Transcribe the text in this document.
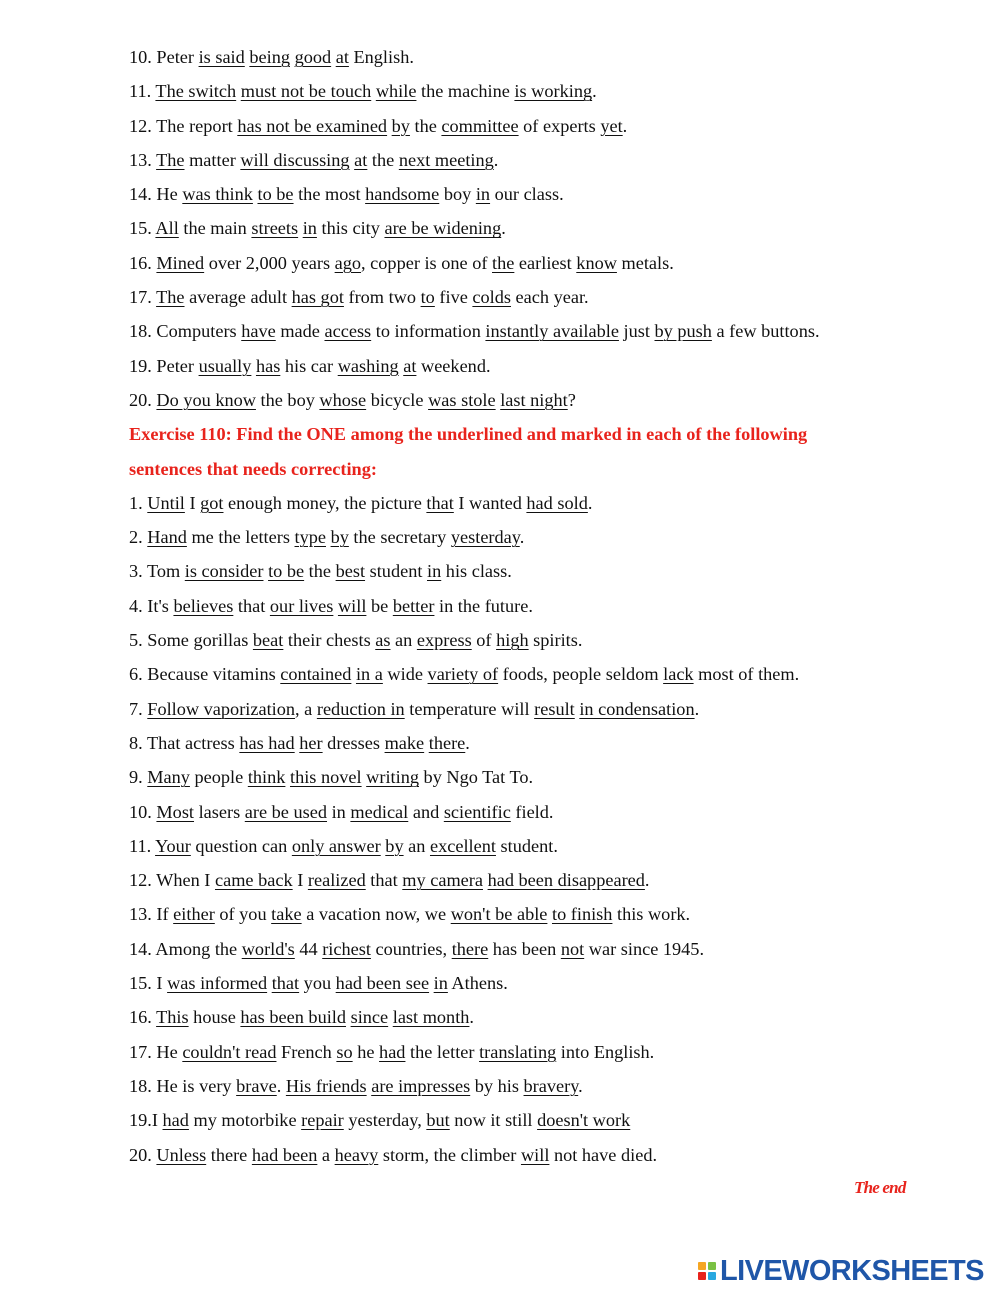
10. Peter is said being good at English.
11. The switch must not be touch while the machine is working.
12. The report has not be examined by the committee of experts yet.
13. The matter will discussing at the next meeting.
14. He was think to be the most handsome boy in our class.
15. All the main streets in this city are be widening.
16. Mined over 2,000 years ago, copper is one of the earliest know metals.
17. The average adult has got from two to five colds each year.
18. Computers have made access to information instantly available just by push a few buttons.
19. Peter usually has his car washing at weekend.
20. Do you know the boy whose bicycle was stole last night?
Exercise 110: Find the ONE among the underlined and marked in each of the following
sentences that needs correcting:
1. Until I got enough money, the picture that I wanted had sold.
2. Hand me the letters type by the secretary yesterday.
3. Tom is consider to be the best student in his class.
4. It's believes that our lives will be better in the future.
5. Some gorillas beat their chests as an express of high spirits.
6. Because vitamins contained in a wide variety of foods, people seldom lack most of them.
7. Follow vaporization, a reduction in temperature will result in condensation.
8. That actress has had her dresses make there.
9. Many people think this novel writing by Ngo Tat To.
10. Most lasers are be used in medical and scientific field.
11. Your question can only answer by an excellent student.
12. When I came back I realized that my camera had been disappeared.
13. If either of you take a vacation now, we won't be able to finish this work.
14. Among the world's 44 richest countries, there has been not war since 1945.
15. I was informed that you had been see in Athens.
16. This house has been build since last month.
17. He couldn't read French so he had the letter translating into English.
18. He is very brave. His friends are impresses by his bravery.
19.I had my motorbike repair yesterday, but now it still doesn't work
20. Unless there had been a heavy storm, the climber will not have died.
The end
LIVEWORKSHEETS
